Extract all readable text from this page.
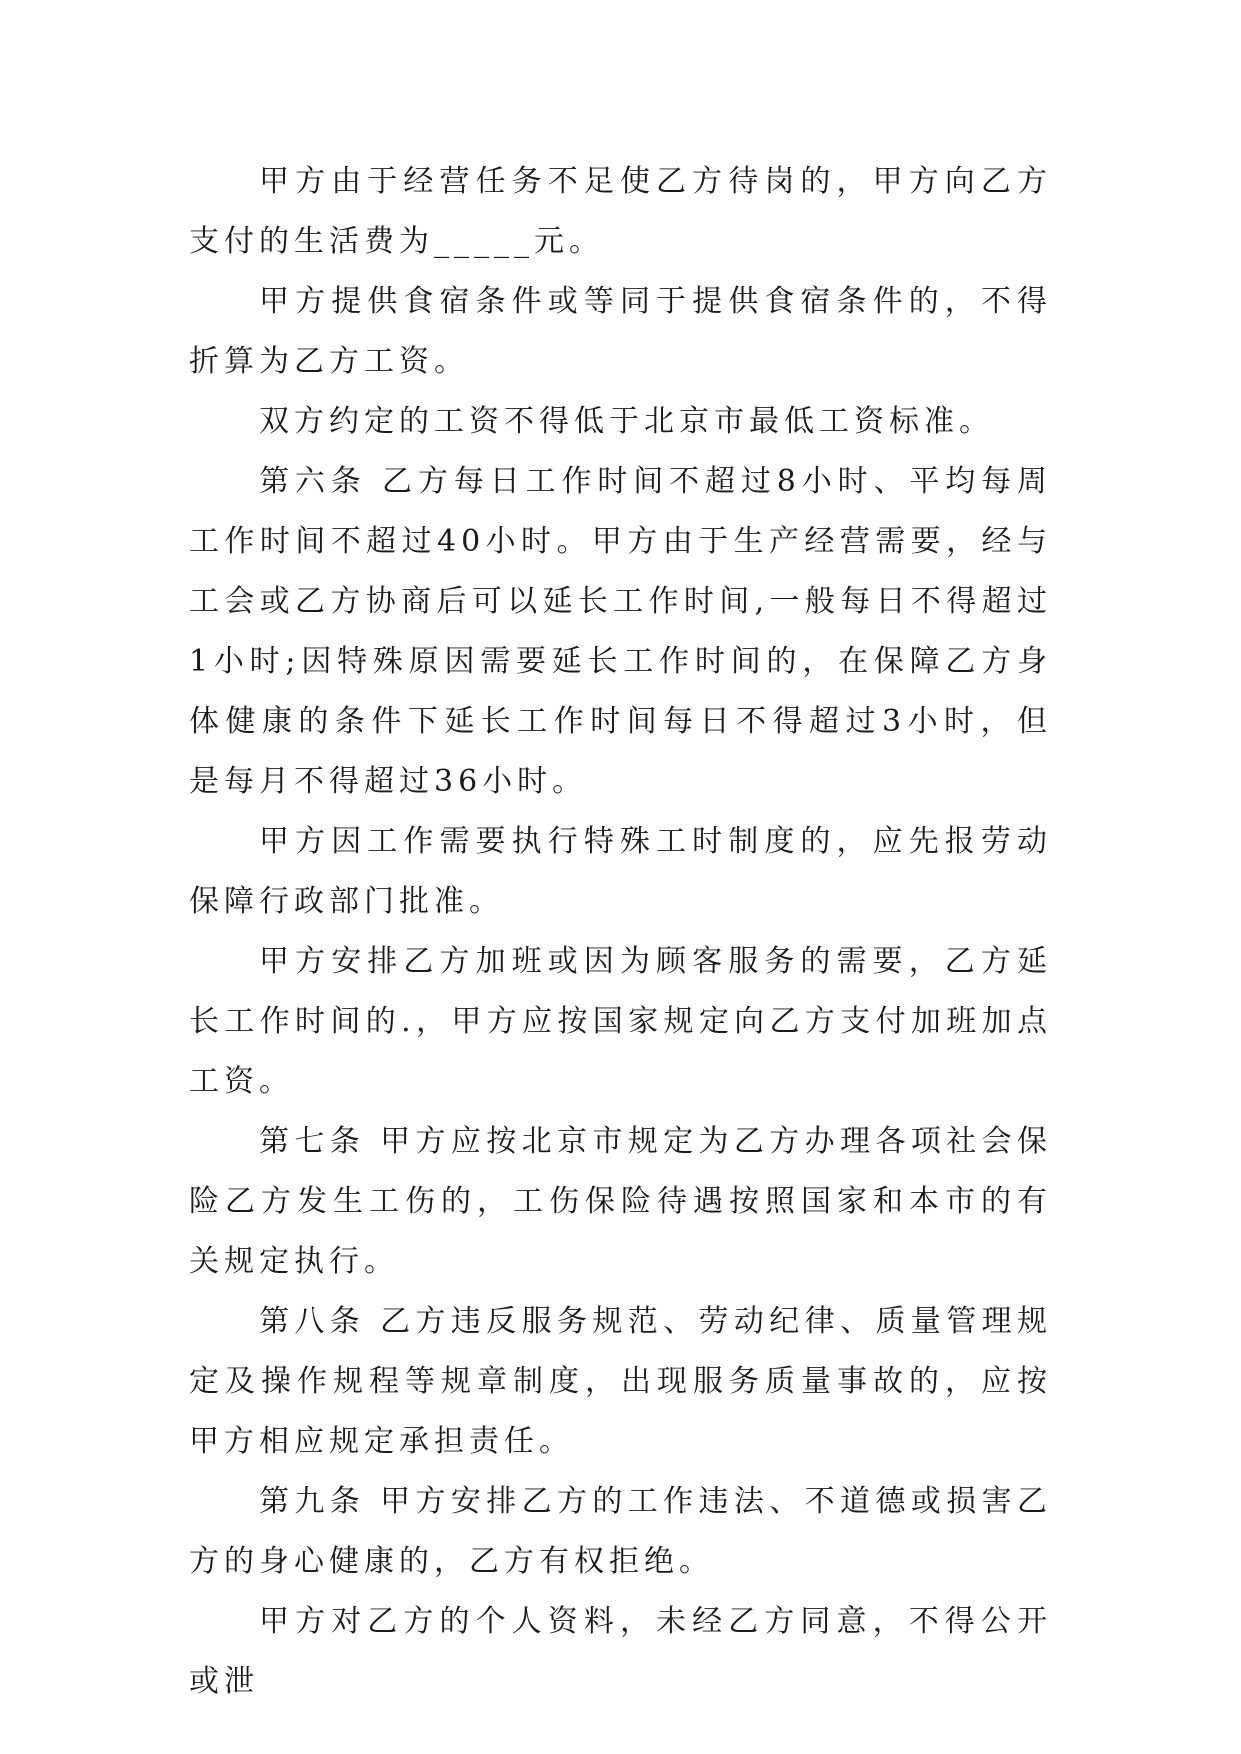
甲方由于经营任务不足使乙方待岗的，甲方向乙方支付的生活费为_____元。

甲方提供食宿条件或等同于提供食宿条件的，不得折算为乙方工资。

双方约定的工资不得低于北京市最低工资标准。

第六条 乙方每日工作时间不超过8小时、平均每周工作时间不超过40小时。甲方由于生产经营需要，经与工会或乙方协商后可以延长工作时间,一般每日不得超过1小时;因特殊原因需要延长工作时间的，在保障乙方身体健康的条件下延长工作时间每日不得超过3小时，但是每月不得超过36小时。

甲方因工作需要执行特殊工时制度的，应先报劳动保障行政部门批准。

甲方安排乙方加班或因为顾客服务的需要，乙方延长工作时间的.，甲方应按国家规定向乙方支付加班加点工资。

第七条 甲方应按北京市规定为乙方办理各项社会保险乙方发生工伤的，工伤保险待遇按照国家和本市的有关规定执行。

第八条 乙方违反服务规范、劳动纪律、质量管理规定及操作规程等规章制度，出现服务质量事故的，应按甲方相应规定承担责任。

第九条 甲方安排乙方的工作违法、不道德或损害乙方的身心健康的，乙方有权拒绝。

甲方对乙方的个人资料，未经乙方同意，不得公开或泄
